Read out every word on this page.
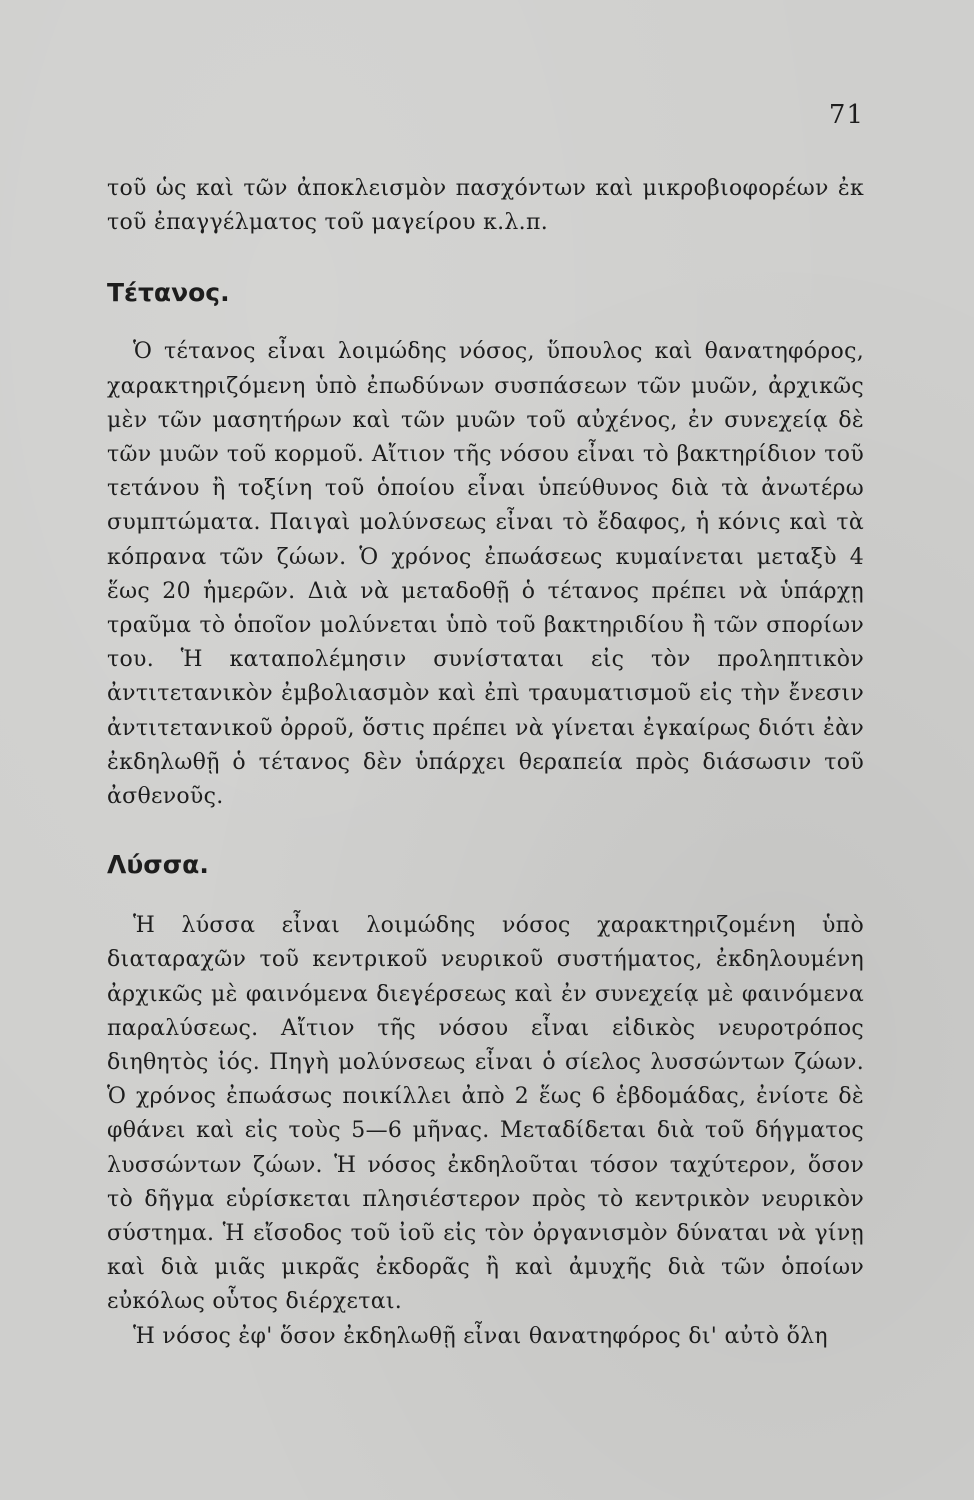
71

τοῦ ὡς καὶ τῶν ἀποκλεισμὸν πασχόντων καὶ μικροβιοφορέων ἐκ τοῦ ἐπαγγέλματος τοῦ μαγείρου κ.λ.π.

Τέτανος.

Ὁ τέτανος εἶναι λοιμώδης νόσος, ὕπουλος καὶ θανατηφόρος, χαρακτηριζόμενη ὑπὸ ἐπωδύνων συσπάσεων τῶν μυῶν, ἀρχικῶς μὲν τῶν μασητήρων καὶ τῶν μυῶν τοῦ αὐχένος, ἐν συνεχείᾳ δὲ τῶν μυῶν τοῦ κορμοῦ. Αἴτιον τῆς νόσου εἶναι τὸ βακτηρίδιον τοῦ τετάνου ἢ τοξίνη τοῦ ὁποίου εἶναι ὑπεύθυνος διὰ τὰ ἀνωτέρω συμπτώματα. Παιγαὶ μολύνσεως εἶναι τὸ ἔδαφος, ἡ κόνις καὶ τὰ κόπρανα τῶν ζώων. Ὁ χρόνος ἐπωάσεως κυμαίνεται μεταξὺ 4 ἕως 20 ἡμερῶν. Διὰ νὰ μεταδοθῇ ὁ τέτανος πρέπει νὰ ὑπάρχῃ τραῦμα τὸ ὁποῖον μολύνεται ὑπὸ τοῦ βακτηριδίου ἢ τῶν σπορίων του. Ἡ καταπολέμησιν συνίσταται εἰς τὸν προληπτικὸν ἀντιτετανικὸν ἐμβολιασμὸν καὶ ἐπὶ τραυματισμοῦ εἰς τὴν ἔνεσιν ἀντιτετανικοῦ ὀρροῦ, ὅστις πρέπει νὰ γίνεται ἐγκαίρως διότι ἐὰν ἐκδηλωθῇ ὁ τέτανος δὲν ὑπάρχει θεραπεία πρὸς διάσωσιν τοῦ ἀσθενοῦς.

Λύσσα.

Ἡ λύσσα εἶναι λοιμώδης νόσος χαρακτηριζομένη ὑπὸ διαταραχῶν τοῦ κεντρικοῦ νευρικοῦ συστήματος, ἐκδηλουμένη ἀρχικῶς μὲ φαινόμενα διεγέρσεως καὶ ἐν συνεχείᾳ μὲ φαινόμενα παραλύσεως. Αἴτιον τῆς νόσου εἶναι εἰδικὸς νευροτρόπος διηθητὸς ἰός. Πηγὴ μολύνσεως εἶναι ὁ σίελος λυσσώντων ζώων. Ὁ χρόνος ἐπωάσως ποικίλλει ἀπὸ 2 ἕως 6 ἑβδομάδας, ἐνίοτε δὲ φθάνει καὶ εἰς τοὺς 5—6 μῆνας. Μεταδίδεται διὰ τοῦ δήγματος λυσσώντων ζώων. Ἡ νόσος ἐκδηλοῦται τόσον ταχύτερον, ὅσον τὸ δῆγμα εὑρίσκεται πλησιέστερον πρὸς τὸ κεντρικὸν νευρικὸν σύστημα. Ἡ εἴσοδος τοῦ ἰοῦ εἰς τὸν ὀργανισμὸν δύναται νὰ γίνῃ καὶ διὰ μιᾶς μικρᾶς ἐκδορᾶς ἢ καὶ ἀμυχῆς διὰ τῶν ὁποίων εὐκόλως οὗτος διέρχεται.

Ἡ νόσος ἐφ' ὅσον ἐκδηλωθῇ εἶναι θανατηφόρος δι' αὐτὸ ὅλη
